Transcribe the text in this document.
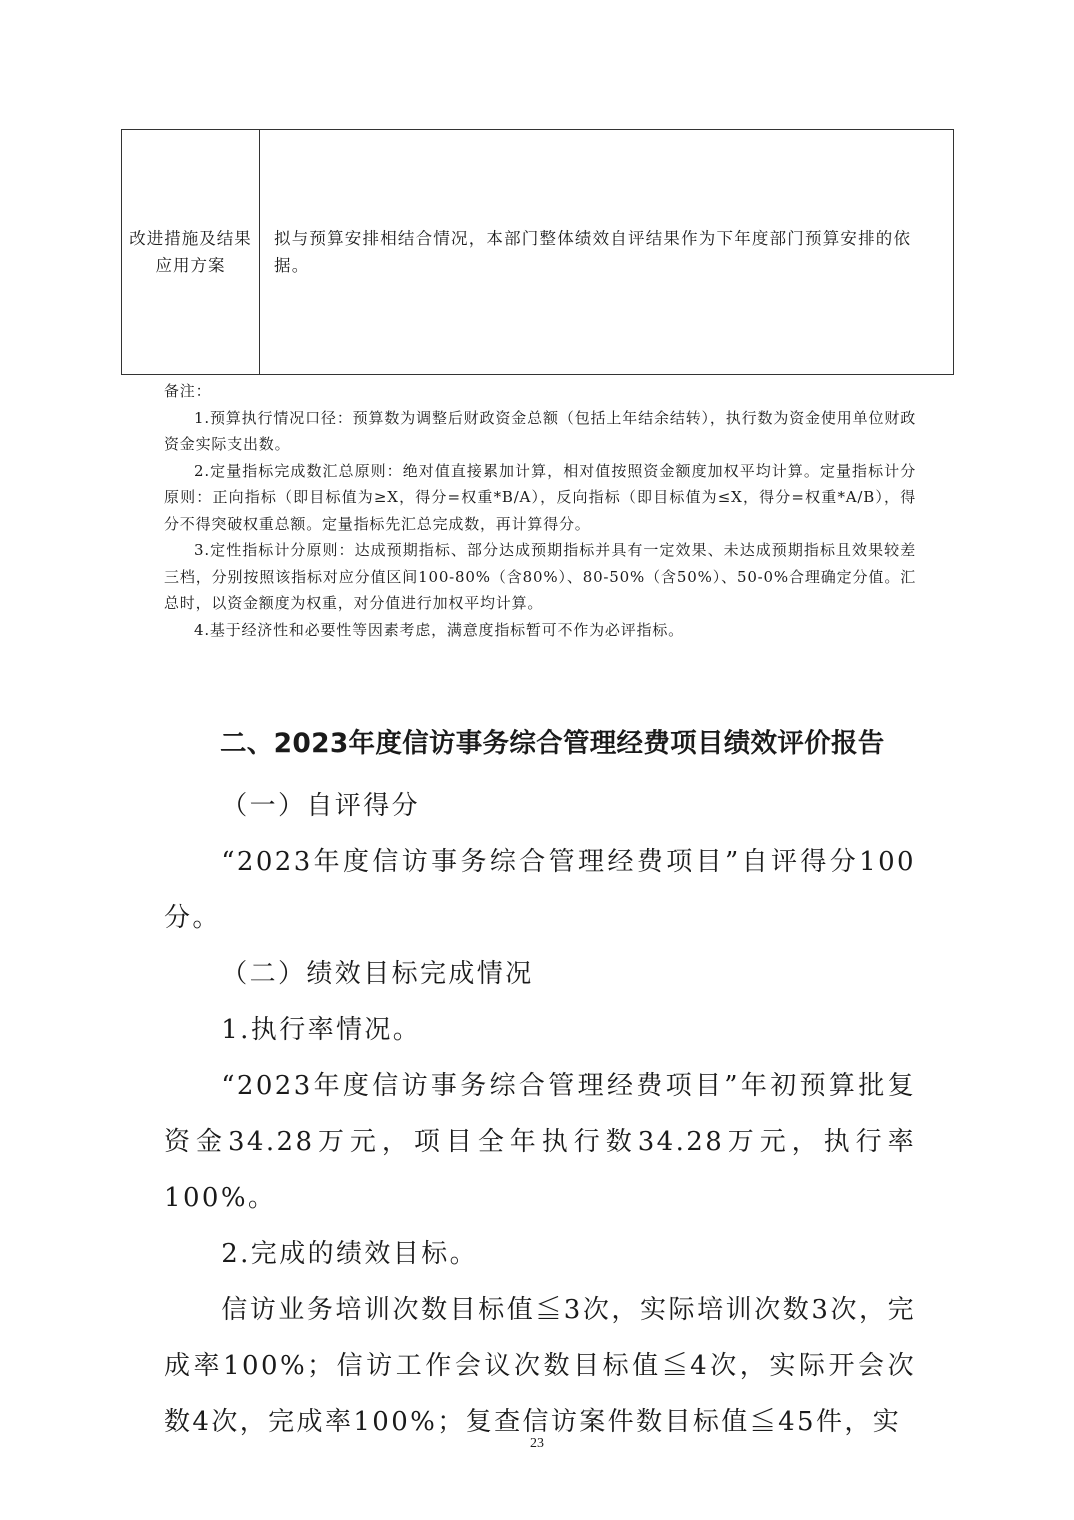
改进措施及结果应用方案
拟与预算安排相结合情况，本部门整体绩效自评结果作为下年度部门预算安排的依据。

备注：

1.预算执行情况口径：预算数为调整后财政资金总额（包括上年结余结转），执行数为资金使用单位财政资金实际支出数。

2.定量指标完成数汇总原则：绝对值直接累加计算，相对值按照资金额度加权平均计算。定量指标计分原则：正向指标（即目标值为≥X，得分=权重*B/A），反向指标（即目标值为≤X，得分=权重*A/B），得分不得突破权重总额。定量指标先汇总完成数，再计算得分。

3.定性指标计分原则：达成预期指标、部分达成预期指标并具有一定效果、未达成预期指标且效果较差三档，分别按照该指标对应分值区间100-80%（含80%）、80-50%（含50%）、50-0%合理确定分值。汇总时，以资金额度为权重，对分值进行加权平均计算。

4.基于经济性和必要性等因素考虑，满意度指标暂可不作为必评指标。

二、2023年度信访事务综合管理经费项目绩效评价报告

（一）自评得分

“2023年度信访事务综合管理经费项目”自评得分100分。

（二）绩效目标完成情况

1.执行率情况。

“2023年度信访事务综合管理经费项目”年初预算批复资金34.28万元，项目全年执行数34.28万元，执行率100%。

2.完成的绩效目标。

信访业务培训次数目标值≦3次，实际培训次数3次，完成率100%；信访工作会议次数目标值≦4次，实际开会次数4次，完成率100%；复查信访案件数目标值≦45件，实

23
